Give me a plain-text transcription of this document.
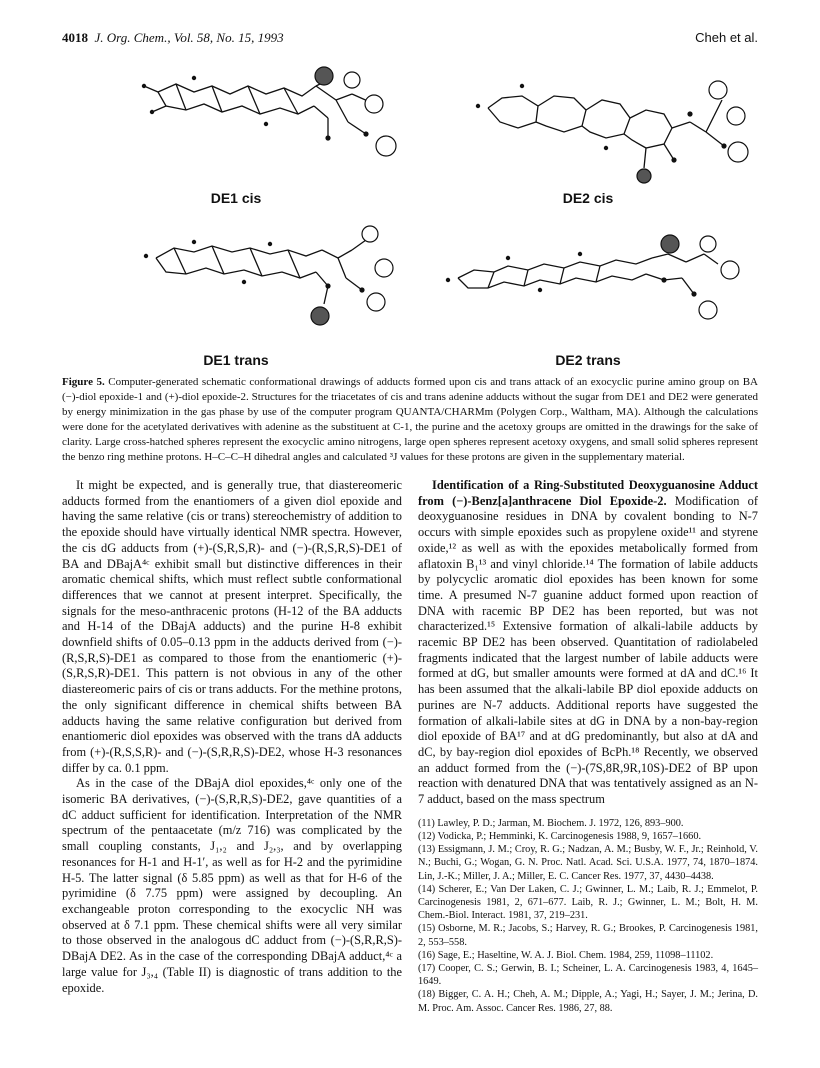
4018 J. Org. Chem., Vol. 58, No. 15, 1993	Cheh et al.
DE1 cis	DE2 cis
DE1 trans	DE2 trans
Figure 5. Computer-generated schematic conformational drawings of adducts formed upon cis and trans attack of an exocyclic purine amino group on BA (−)-diol epoxide-1 and (+)-diol epoxide-2. Structures for the triacetates of cis and trans adenine adducts without the sugar from DE1 and DE2 were generated by energy minimization in the gas phase by use of the computer program QUANTA/CHARMm (Polygen Corp., Waltham, MA). Although the calculations were done for the acetylated derivatives with adenine as the substituent at C-1, the purine and the acetoxy groups are omitted in the drawings for the sake of clarity. Large cross-hatched spheres represent the exocyclic amino nitrogens, large open spheres represent acetoxy oxygens, and small solid spheres represent the benzo ring methine protons. H–C–C–H dihedral angles and calculated ³J values for these protons are given in the supplementary material.

It might be expected, and is generally true, that diastereomeric adducts formed from the enantiomers of a given diol epoxide and having the same relative (cis or trans) stereochemistry of addition to the epoxide should have virtually identical NMR spectra. However, the cis dG adducts from (+)-(S,R,S,R)- and (−)-(R,S,R,S)-DE1 of BA and DBajA⁴ᶜ exhibit small but distinctive differences in their aromatic chemical shifts, which must reflect subtle conformational differences that we cannot at present interpret. Specifically, the signals for the meso-anthracenic protons (H-12 of the BA adducts and H-14 of the DBajA adducts) and the purine H-8 exhibit downfield shifts of 0.05–0.13 ppm in the adducts derived from (−)-(R,S,R,S)-DE1 as compared to those from the enantiomeric (+)-(S,R,S,R)-DE1. This pattern is not obvious in any of the other diastereomeric pairs of cis or trans adducts. For the methine protons, the only significant difference in chemical shifts between BA adducts having the same relative configuration but derived from enantiomeric diol epoxides was observed with the trans dA adducts from (+)-(R,S,S,R)- and (−)-(S,R,R,S)-DE2, whose H-3 resonances differ by ca. 0.1 ppm.

As in the case of the DBajA diol epoxides,⁴ᶜ only one of the isomeric BA derivatives, (−)-(S,R,R,S)-DE2, gave quantities of a dC adduct sufficient for identification. Interpretation of the NMR spectrum of the pentaacetate (m/z 716) was complicated by the small coupling constants, J₁,₂ and J₂,₃, and by overlapping resonances for H-1 and H-1′, as well as for H-2 and the pyrimidine H-5. The latter signal (δ 5.85 ppm) as well as that for H-6 of the pyrimidine (δ 7.75 ppm) were assigned by decoupling. An exchangeable proton corresponding to the exocyclic NH was observed at δ 7.1 ppm. These chemical shifts were all very similar to those observed in the analogous dC adduct from (−)-(S,R,R,S)-DBajA DE2. As in the case of the corresponding DBajA adduct,⁴ᶜ a large value for J₃,₄ (Table II) is diagnostic of trans addition to the epoxide.

Identification of a Ring-Substituted Deoxyguanosine Adduct from (−)-Benz[a]anthracene Diol Epoxide-2. Modification of deoxyguanosine residues in DNA by covalent bonding to N-7 occurs with simple epoxides such as propylene oxide¹¹ and styrene oxide,¹² as well as with the epoxides metabolically formed from aflatoxin B₁¹³ and vinyl chloride.¹⁴ The formation of labile adducts by polycyclic aromatic diol epoxides has been known for some time. A presumed N-7 guanine adduct formed upon reaction of DNA with racemic BP DE2 has been reported, but was not characterized.¹⁵ Extensive formation of alkali-labile adducts by racemic BP DE2 has been observed. Quantitation of radiolabeled fragments indicated that the largest number of labile adducts were formed at dG, but smaller amounts were formed at dA and dC.¹⁶ It has been assumed that the alkali-labile BP diol epoxide adducts on purines are N-7 adducts. Additional reports have suggested the formation of alkali-labile sites at dG in DNA by a non-bay-region diol epoxide of BA¹⁷ and at dG predominantly, but also at dA and dC, by bay-region diol epoxides of BcPh.¹⁸ Recently, we observed an adduct formed from the (−)-(7S,8R,9R,10S)-DE2 of BP upon reaction with denatured DNA that was tentatively assigned as an N-7 adduct, based on the mass spectrum

(11) Lawley, P. D.; Jarman, M. Biochem. J. 1972, 126, 893–900.
(12) Vodicka, P.; Hemminki, K. Carcinogenesis 1988, 9, 1657–1660.
(13) Essigmann, J. M.; Croy, R. G.; Nadzan, A. M.; Busby, W. F., Jr.; Reinhold, V. N.; Buchi, G.; Wogan, G. N. Proc. Natl. Acad. Sci. U.S.A. 1977, 74, 1870–1874. Lin, J.-K.; Miller, J. A.; Miller, E. C. Cancer Res. 1977, 37, 4430–4438.
(14) Scherer, E.; Van Der Laken, C. J.; Gwinner, L. M.; Laib, R. J.; Emmelot, P. Carcinogenesis 1981, 2, 671–677. Laib, R. J.; Gwinner, L. M.; Bolt, H. M. Chem.-Biol. Interact. 1981, 37, 219–231.
(15) Osborne, M. R.; Jacobs, S.; Harvey, R. G.; Brookes, P. Carcinogenesis 1981, 2, 553–558.
(16) Sage, E.; Haseltine, W. A. J. Biol. Chem. 1984, 259, 11098–11102.
(17) Cooper, C. S.; Gerwin, B. I.; Scheiner, L. A. Carcinogenesis 1983, 4, 1645–1649.
(18) Bigger, C. A. H.; Cheh, A. M.; Dipple, A.; Yagi, H.; Sayer, J. M.; Jerina, D. M. Proc. Am. Assoc. Cancer Res. 1986, 27, 88.
